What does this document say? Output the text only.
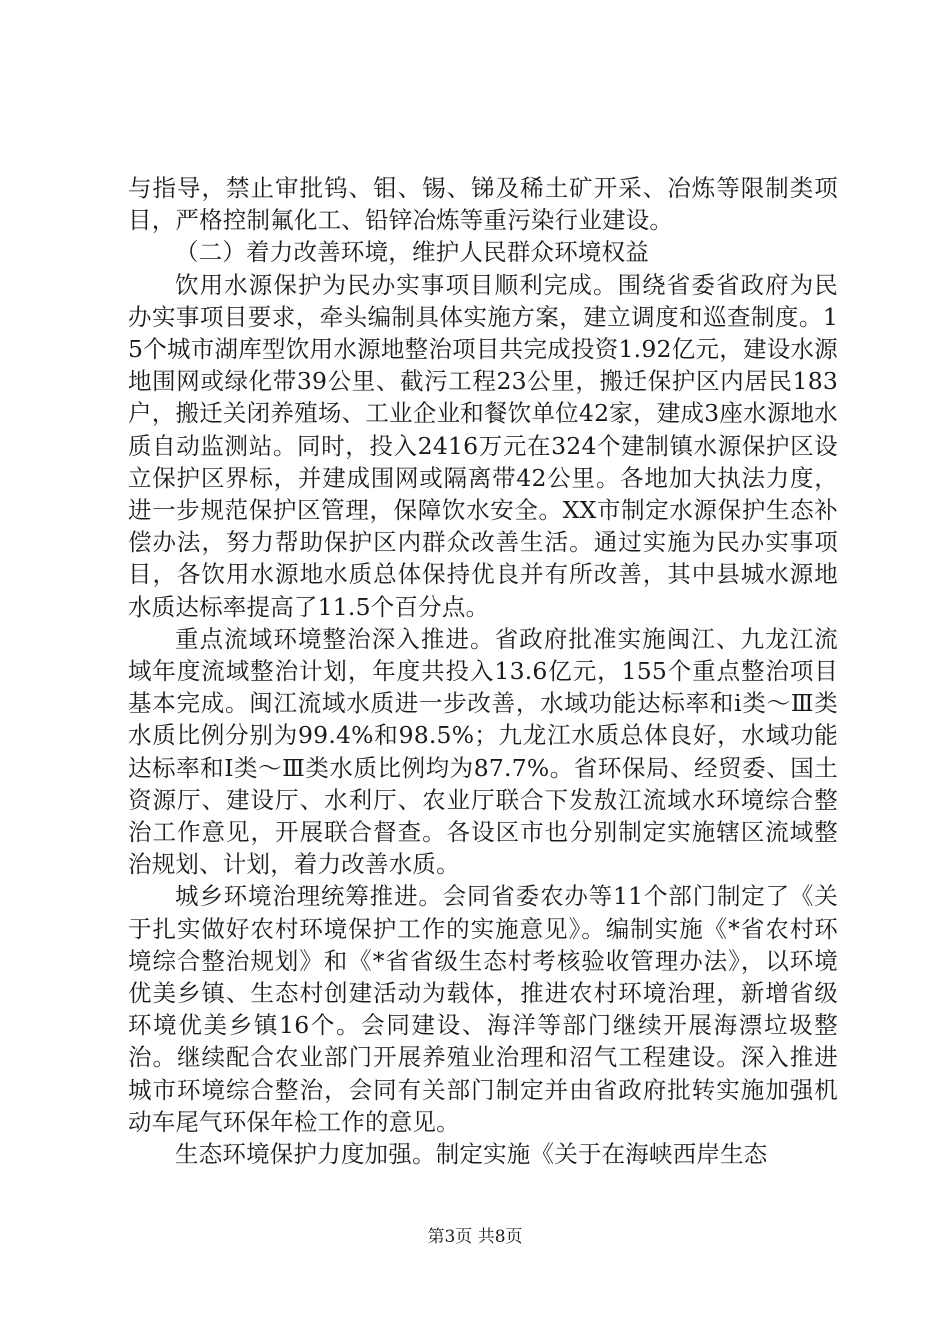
与指导，禁止审批钨、钼、锡、锑及稀土矿开采、冶炼等限制类项目，严格控制氟化工、铅锌冶炼等重污染行业建设。

（二）着力改善环境，维护人民群众环境权益

饮用水源保护为民办实事项目顺利完成。围绕省委省政府为民办实事项目要求，牵头编制具体实施方案，建立调度和巡查制度。15个城市湖库型饮用水源地整治项目共完成投资1.92亿元，建设水源地围网或绿化带39公里、截污工程23公里，搬迁保护区内居民183户，搬迁关闭养殖场、工业企业和餐饮单位42家，建成3座水源地水质自动监测站。同时，投入2416万元在324个建制镇水源保护区设立保护区界标，并建成围网或隔离带42公里。各地加大执法力度，进一步规范保护区管理，保障饮水安全。XX市制定水源保护生态补偿办法，努力帮助保护区内群众改善生活。通过实施为民办实事项目，各饮用水源地水质总体保持优良并有所改善，其中县城水源地水质达标率提高了11.5个百分点。

重点流域环境整治深入推进。省政府批准实施闽江、九龙江流域年度流域整治计划，年度共投入13.6亿元，155个重点整治项目基本完成。闽江流域水质进一步改善，水域功能达标率和ⅰ类～Ⅲ类水质比例分别为99.4%和98.5%；九龙江水质总体良好，水域功能达标率和Ⅰ类～Ⅲ类水质比例均为87.7%。省环保局、经贸委、国土资源厅、建设厅、水利厅、农业厅联合下发敖江流域水环境综合整治工作意见，开展联合督查。各设区市也分别制定实施辖区流域整治规划、计划，着力改善水质。

城乡环境治理统筹推进。会同省委农办等11个部门制定了《关于扎实做好农村环境保护工作的实施意见》。编制实施《*省农村环境综合整治规划》和《*省省级生态村考核验收管理办法》，以环境优美乡镇、生态村创建活动为载体，推进农村环境治理，新增省级环境优美乡镇16个。会同建设、海洋等部门继续开展海漂垃圾整治。继续配合农业部门开展养殖业治理和沼气工程建设。深入推进城市环境综合整治，会同有关部门制定并由省政府批转实施加强机动车尾气环保年检工作的意见。

生态环境保护力度加强。制定实施《关于在海峡西岸生态

第3页 共8页
